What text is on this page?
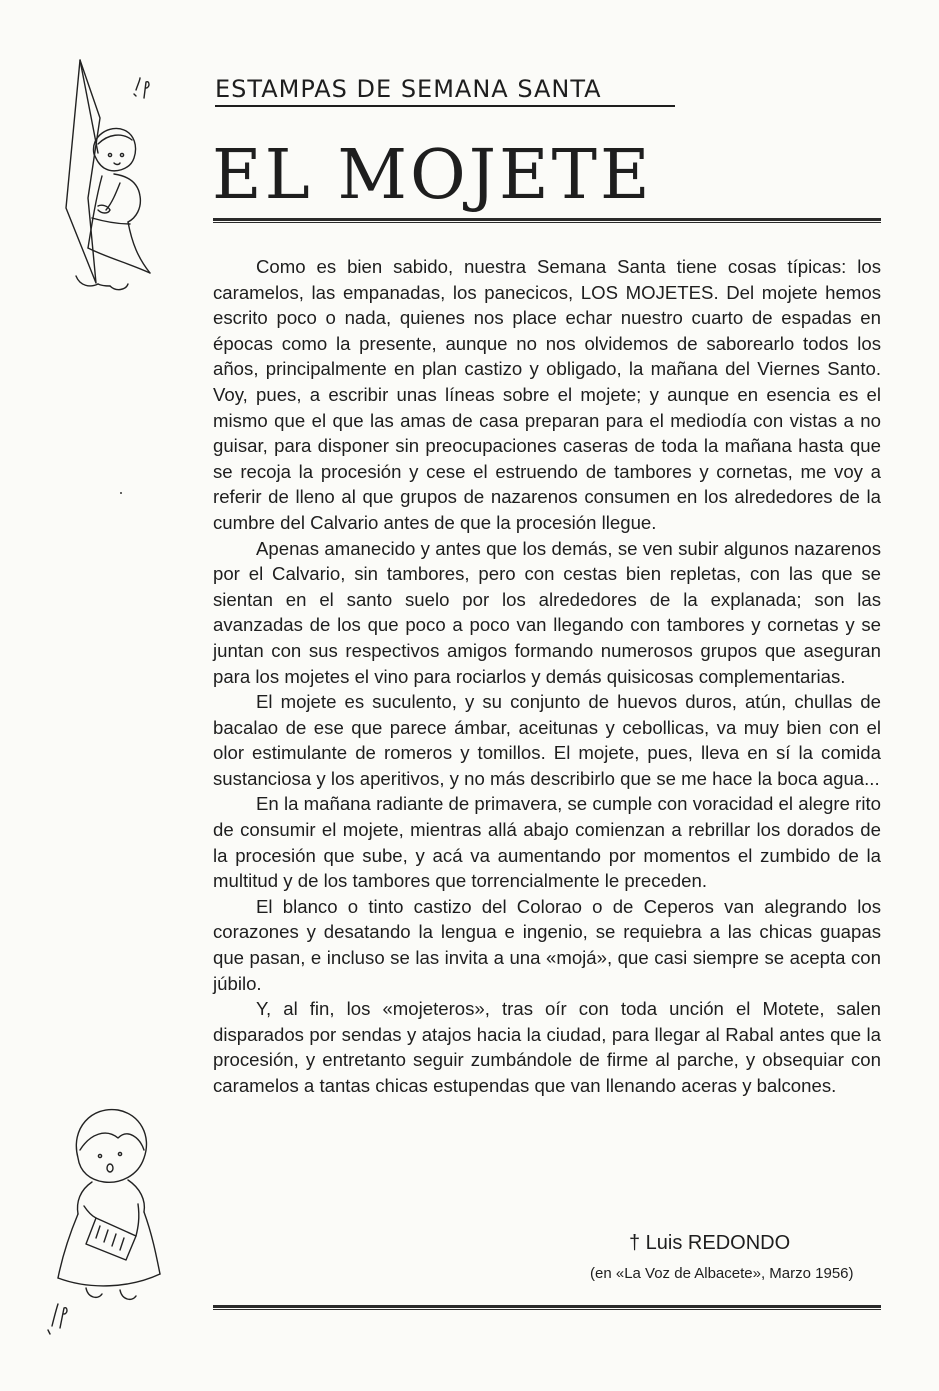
ESTAMPAS DE SEMANA SANTA
EL MOJETE

Como es bien sabido, nuestra Semana Santa tiene cosas típicas: los caramelos, las empanadas, los panecicos, LOS MOJETES. Del mojete hemos escrito poco o nada, quienes nos place echar nuestro cuarto de espadas en épocas como la presente, aunque no nos olvidemos de saborearlo todos los años, principalmente en plan castizo y obligado, la mañana del Viernes Santo. Voy, pues, a escribir unas líneas sobre el mojete; y aunque en esencia es el mismo que el que las amas de casa preparan para el mediodía con vistas a no guisar, para disponer sin preocupaciones caseras de toda la mañana hasta que se recoja la procesión y cese el estruendo de tambores y cornetas, me voy a referir de lleno al que grupos de nazarenos consumen en los alrededores de la cumbre del Calvario antes de que la procesión llegue.

Apenas amanecido y antes que los demás, se ven subir algunos nazarenos por el Calvario, sin tambores, pero con cestas bien repletas, con las que se sientan en el santo suelo por los alrededores de la explanada; son las avanzadas de los que poco a poco van llegando con tambores y cornetas y se juntan con sus respectivos amigos formando numerosos grupos que aseguran para los mojetes el vino para rociarlos y demás quisicosas complementarias.

El mojete es suculento, y su conjunto de huevos duros, atún, chullas de bacalao de ese que parece ámbar, aceitunas y cebollicas, va muy bien con el olor estimulante de romeros y tomillos. El mojete, pues, lleva en sí la comida sustanciosa y los aperitivos, y no más describirlo que se me hace la boca agua...

En la mañana radiante de primavera, se cumple con voracidad el alegre rito de consumir el mojete, mientras allá abajo comienzan a rebrillar los dorados de la procesión que sube, y acá va aumentando por momentos el zumbido de la multitud y de los tambores que torrencialmente le preceden.

El blanco o tinto castizo del Colorao o de Ceperos van alegrando los corazones y desatando la lengua e ingenio, se requiebra a las chicas guapas que pasan, e incluso se las invita a una «mojá», que casi siempre se acepta con júbilo.

Y, al fin, los «mojeteros», tras oír con toda unción el Motete, salen disparados por sendas y atajos hacia la ciudad, para llegar al Rabal antes que la procesión, y entretanto seguir zumbándole de firme al parche, y obsequiar con caramelos a tantas chicas estupendas que van llenando aceras y balcones.

† Luis REDONDO
(en «La Voz de Albacete», Marzo 1956)
